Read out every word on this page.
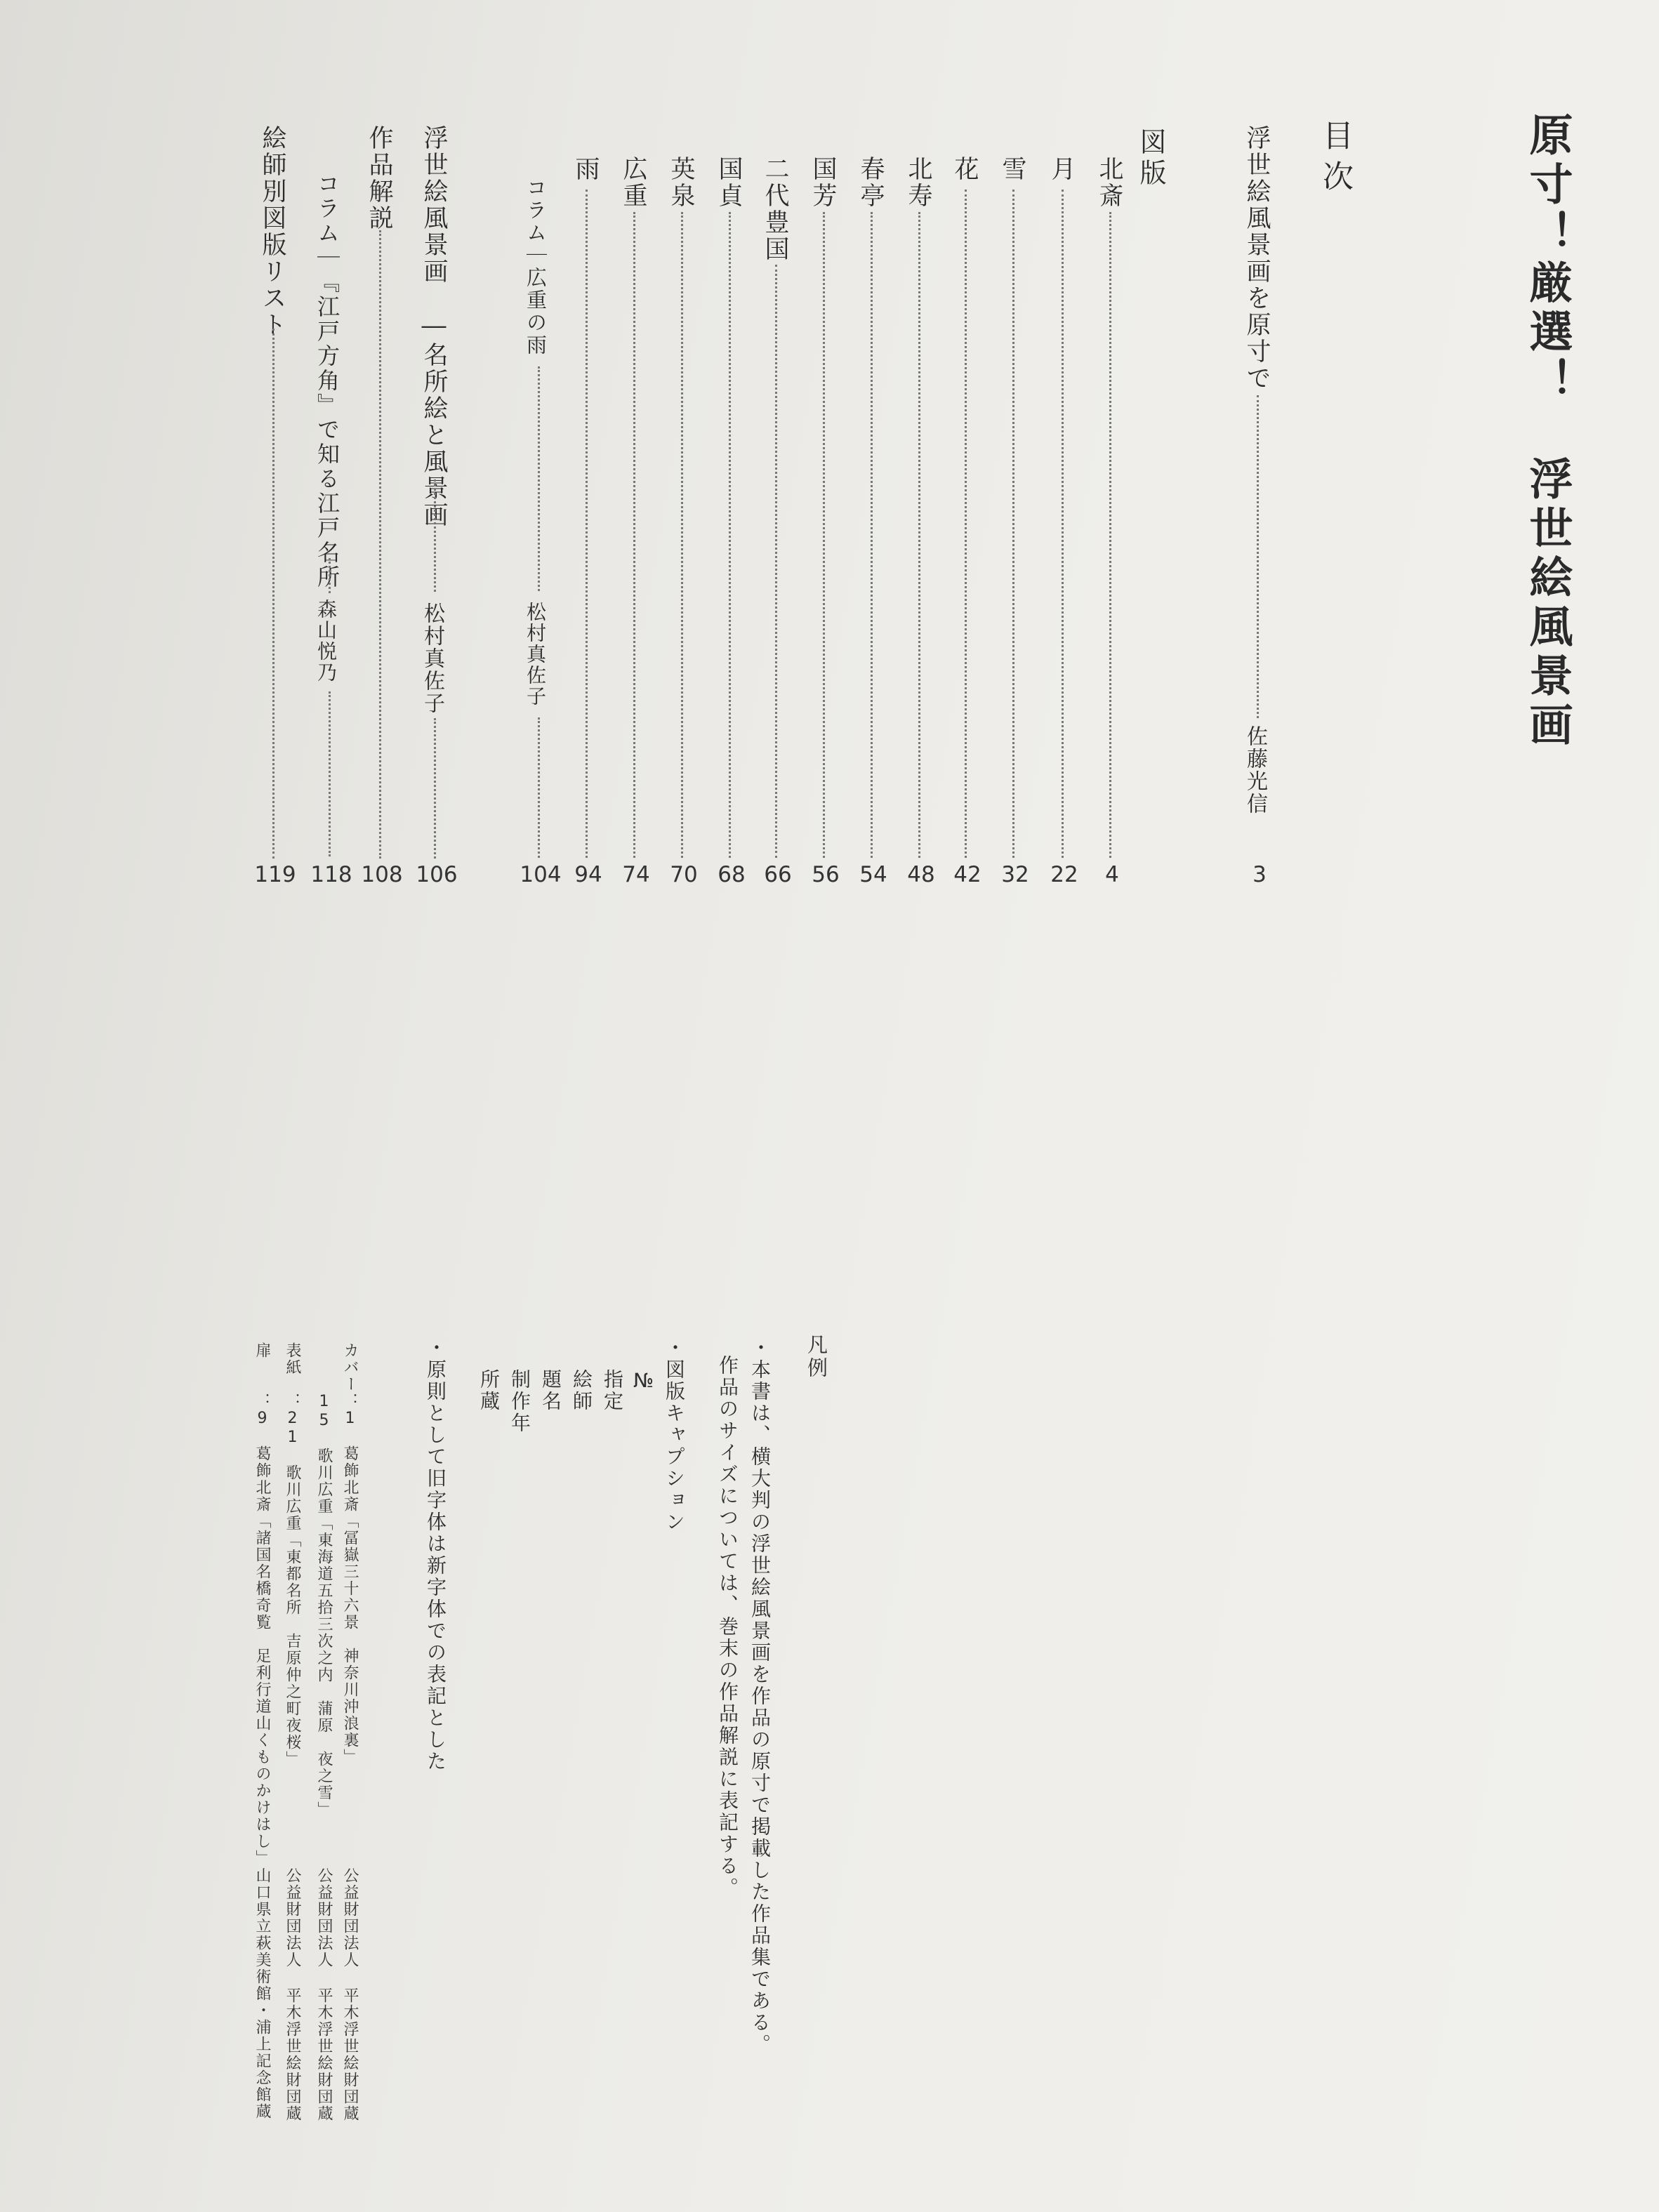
原寸！厳選！　浮世絵風景画
目次
図版	浮世絵風景画を原寸で
佐藤光信
3
北斎
4
月
22
雪
32
花
42
北寿
48
春亭
54
国芳
56
二代豊国
66
国貞
68
英泉
70
広重
74
雨
94
コラム｜広重の雨
松村真佐子
104
浮世絵風景画　―名所絵と風景画
松村真佐子
106
作品解説
108
コラム｜『江戸方角』で知る江戸名所
森山悦乃
118
絵師別図版リスト
119
凡例
・本書は、横大判の浮世絵風景画を作品の原寸で掲載した作品集である。
作品のサイズについては、巻末の作品解説に表記する。
・図版キャプション
№
指定
絵師
題名
制作年
所蔵
・原則として旧字体は新字体での表記とした
カバー：1　葛飾北斎「冨嶽三十六景　神奈川沖浪裏」
公益財団法人 平木浮世絵財団蔵
　　　15　歌川広重「東海道五拾三次之内　蒲原　夜之雪」
公益財団法人 平木浮世絵財団蔵
表紙　：21　歌川広重「東都名所　吉原仲之町夜桜」
公益財団法人 平木浮世絵財団蔵
扉　　：9　葛飾北斎「諸国名橋奇覧　足利行道山くものかけはし」
山口県立萩美術館・浦上記念館蔵
